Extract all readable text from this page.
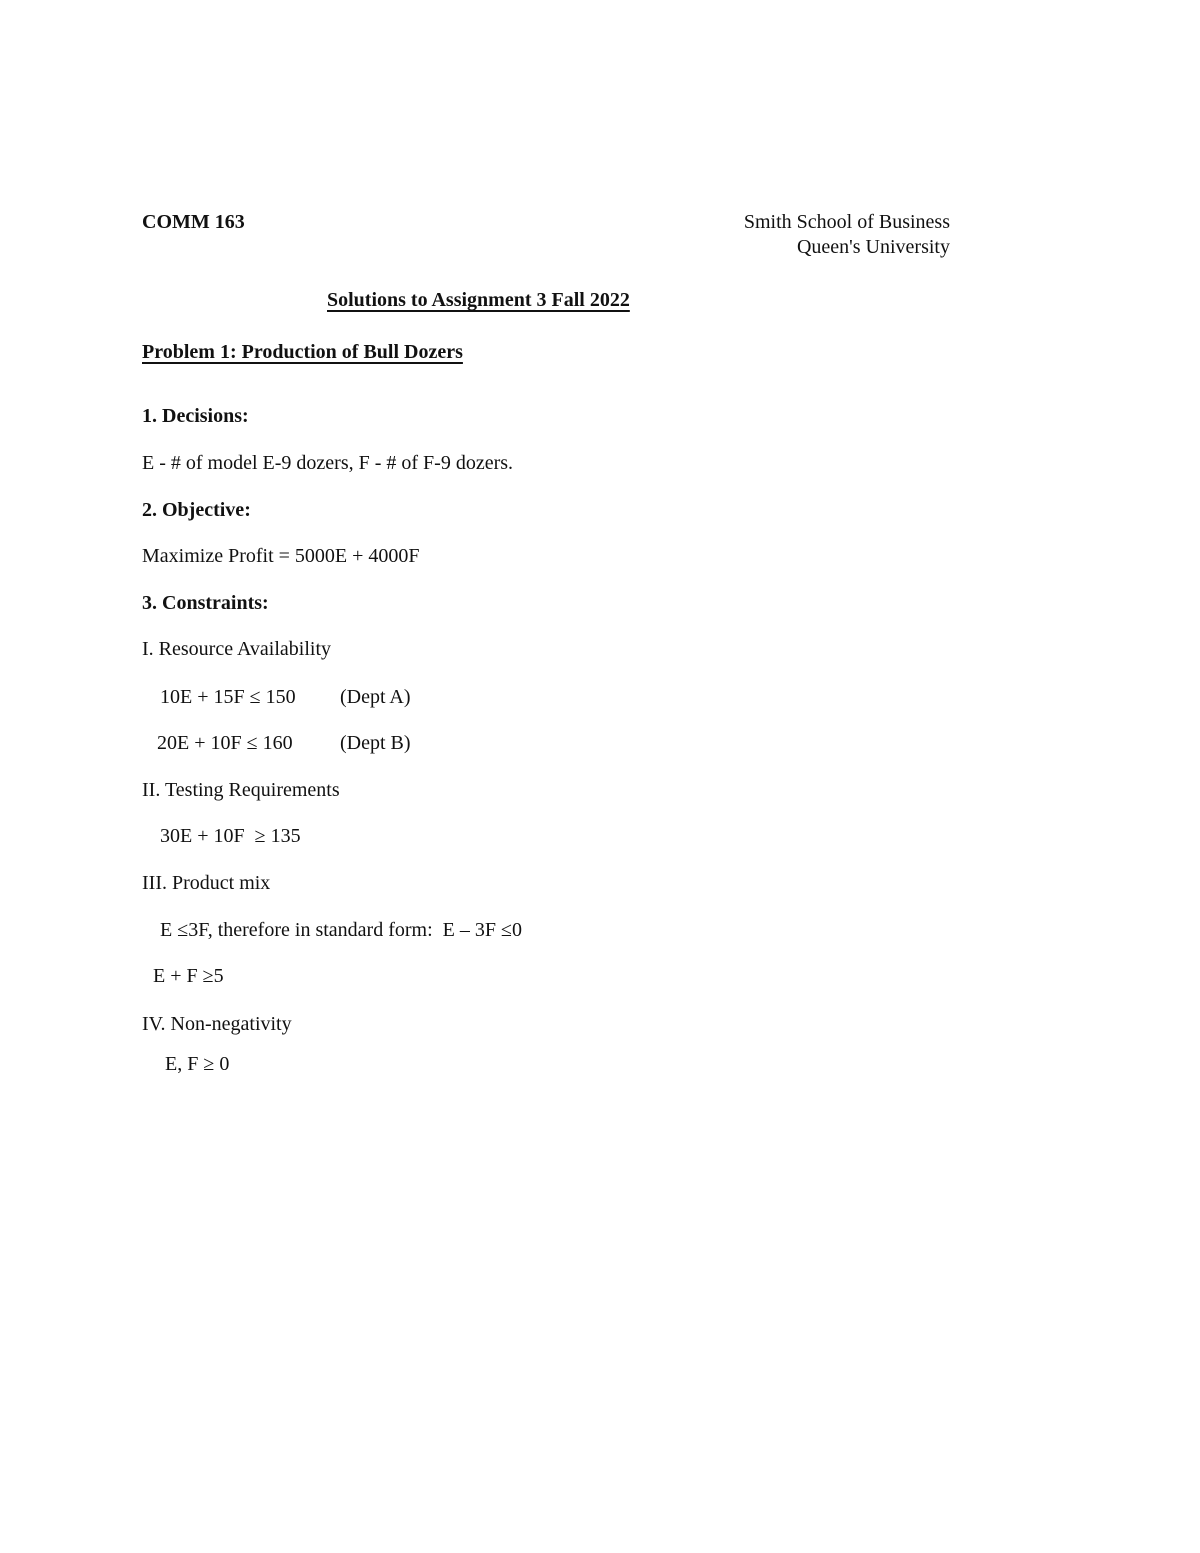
COMM 163	Smith School of Business
Queen's University
Solutions to Assignment 3 Fall 2022
Problem 1: Production of Bull Dozers
1. Decisions:
E - # of model E-9 dozers, F - # of F-9 dozers.
2. Objective:
Maximize Profit = 5000E + 4000F
3. Constraints:
I. Resource Availability
10E + 15F ≤ 150 (Dept A)
20E + 10F ≤ 160 (Dept B)
II. Testing Requirements
30E + 10F  ≥ 135
III. Product mix
E ≤3F, therefore in standard form:  E – 3F ≤0
E + F ≥5
IV. Non-negativity
E, F ≥ 0
